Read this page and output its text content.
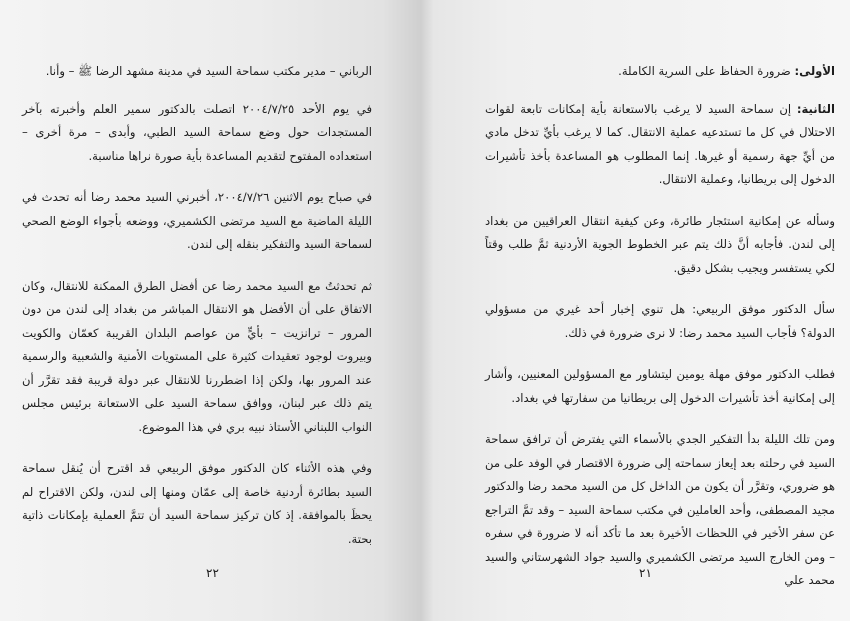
الرباني – مدير مكتب سماحة السيد في مدينة مشهد الرضا ﷺ – وأنا.

في يوم الأحد ٢٠٠٤/٧/٢٥ اتصلت بالدكتور سمير العلم وأخبرته بآخر المستجدات حول وضع سماحة السيد الطبي، وأبدى – مرة أخرى – استعداده المفتوح لتقديم المساعدة بأية صورة نراها مناسبة.

في صباح يوم الاثنين ٢٠٠٤/٧/٢٦، أخبرني السيد محمد رضا أنه تحدث في الليلة الماضية مع السيد مرتضى الكشميري، ووضعه بأجواء الوضع الصحي لسماحة السيد والتفكير بنقله إلى لندن.

ثم تحدثتُ مع السيد محمد رضا عن أفضل الطرق الممكنة للانتقال، وكان الاتفاق على أن الأفضل هو الانتقال المباشر من بغداد إلى لندن من دون المرور – ترانزيت – بأيٍّ من عواصم البلدان القريبة كعمّان والكويت وبيروت لوجود تعقيدات كثيرة على المستويات الأمنية والشعبية والرسمية عند المرور بها، ولكن إذا اضطررنا للانتقال عبر دولة قريبة فقد تقرَّر أن يتم ذلك عبر لبنان، ووافق سماحة السيد على الاستعانة برئيس مجلس النواب اللبناني الأستاذ نبيه بري في هذا الموضوع.

وفي هذه الأثناء كان الدكتور موفق الربيعي قد اقترح أن يُنقل سماحة السيد بطائرة أردنية خاصة إلى عمّان ومنها إلى لندن، ولكن الاقتراح لم يحظَ بالموافقة. إذ كان تركيز سماحة السيد أن تتمَّ العملية بإمكانات ذاتية بحتة.

٢٢

الأولى: ضرورة الحفاظ على السرية الكاملة.

الثانية: إن سماحة السيد لا يرغب بالاستعانة بأية إمكانات تابعة لقوات الاحتلال في كل ما تستدعيه عملية الانتقال. كما لا يرغب بأيِّ تدخل مادي من أيِّ جهة رسمية أو غيرها. إنما المطلوب هو المساعدة بأخذ تأشيرات الدخول إلى بريطانيا، وعملية الانتقال.

وسأله عن إمكانية استئجار طائرة، وعن كيفية انتقال العراقيين من بغداد إلى لندن. فأجابه أنَّ ذلك يتم عبر الخطوط الجوية الأردنية ثمَّ طلب وقتاً لكي يستفسر ويجيب بشكل دقيق.

سأل الدكتور موفق الربيعي: هل تنوي إخبار أحد غيري من مسؤولي الدولة؟ فأجاب السيد محمد رضا: لا نرى ضرورة في ذلك.

فطلب الدكتور موفق مهلة يومين ليتشاور مع المسؤولين المعنيين، وأشار إلى إمكانية أخذ تأشيرات الدخول إلى بريطانيا من سفارتها في بغداد.

ومن تلك الليلة بدأ التفكير الجدي بالأسماء التي يفترض أن ترافق سماحة السيد في رحلته بعد إيعاز سماحته إلى ضرورة الاقتصار في الوفد على من هو ضروري، وتقرَّر أن يكون من الداخل كل من السيد محمد رضا والدكتور مجيد المصطفى، وأحد العاملين في مكتب سماحة السيد – وقد تمَّ التراجع عن سفر الأخير في اللحظات الأخيرة بعد ما تأكد أنه لا ضرورة في سفره – ومن الخارج السيد مرتضى الكشميري والسيد جواد الشهرستاني والسيد محمد علي

٢١
